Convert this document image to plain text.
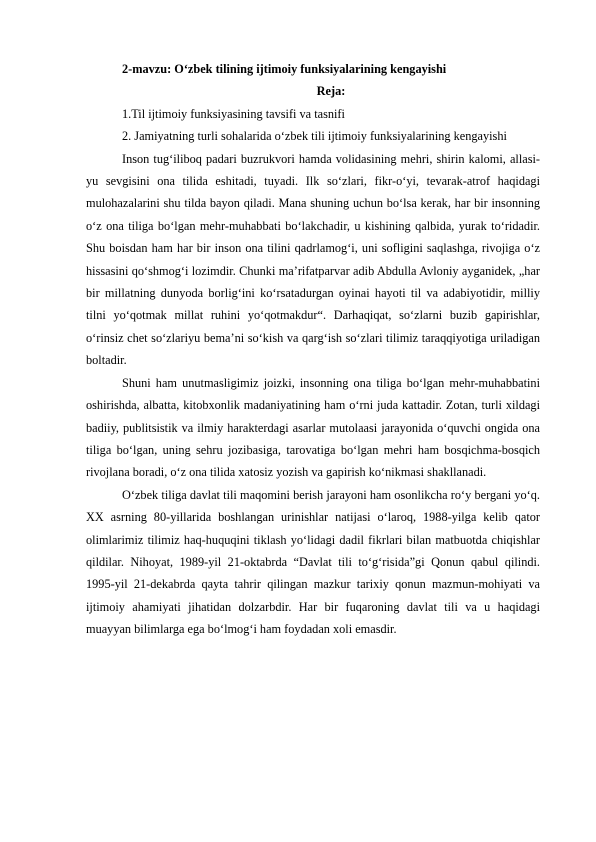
2-mavzu: O‘zbek tilining ijtimoiy funksiyalarining kengayishi

Reja:

1.Til ijtimoiy funksiyasining tavsifi va tasnifi

2. Jamiyatning turli sohalarida o‘zbek tili ijtimoiy funksiyalarining kengayishi

Inson tug‘iliboq padari buzrukvori hamda volidasining mehri, shirin kalomi, allasi-yu sevgisini ona tilida eshitadi, tuyadi. Ilk so‘zlari, fikr-o‘yi, tevarak-atrof haqidagi mulohazalarini shu tilda bayon qiladi. Mana shuning uchun bo‘lsa kerak, har bir insonning o‘z ona tiliga bo‘lgan mehr-muhabbati bo‘lakchadir, u kishining qalbida, yurak to‘ridadir. Shu boisdan ham har bir inson ona tilini qadrlamog‘i, uni sofligini saqlashga, rivojiga o‘z hissasini qo‘shmog‘i lozimdir. Chunki ma’rifatparvar adib Abdulla Avloniy ayganidek, „har bir millatning dunyoda borlig‘ini ko‘rsatadurgan oyinai hayoti til va adabiyotidir, milliy tilni yo‘qotmak millat ruhini yo‘qotmakdur“. Darhaqiqat, so‘zlarni buzib gapirishlar, o‘rinsiz chet so‘zlariyu bema’ni so‘kish va qarg‘ish so‘zlari tilimiz taraqqiyotiga uriladigan boltadir.

Shuni ham unutmasligimiz joizki, insonning ona tiliga bo‘lgan mehr-muhabbatini oshirishda, albatta, kitobxonlik madaniyatining ham o‘rni juda kattadir. Zotan, turli xildagi badiiy, publitsistik va ilmiy harakterdagi asarlar mutolaasi jarayonida o‘quvchi ongida ona tiliga bo‘lgan, uning sehru jozibasiga, tarovatiga bo‘lgan mehri ham bosqichma-bosqich rivojlana boradi, o‘z ona tilida xatosiz yozish va gapirish ko‘nikmasi shakllanadi.

O‘zbek tiliga davlat tili maqomini berish jarayoni ham osonlikcha ro‘y bergani yo‘q. XX asrning 80-yillarida boshlangan urinishlar natijasi o‘laroq, 1988-yilga kelib qator olimlarimiz tilimiz haq-huquqini tiklash yo‘lidagi dadil fikrlari bilan matbuotda chiqishlar qildilar. Nihoyat, 1989-yil 21-oktabrda “Davlat tili to‘g‘risida”gi Qonun qabul qilindi. 1995-yil 21-dekabrda qayta tahrir qilingan mazkur tarixiy qonun mazmun-mohiyati va ijtimoiy ahamiyati jihatidan dolzarbdir. Har bir fuqaroning davlat tili va u haqidagi muayyan bilimlarga ega bo‘lmog‘i ham foydadan xoli emasdir.
